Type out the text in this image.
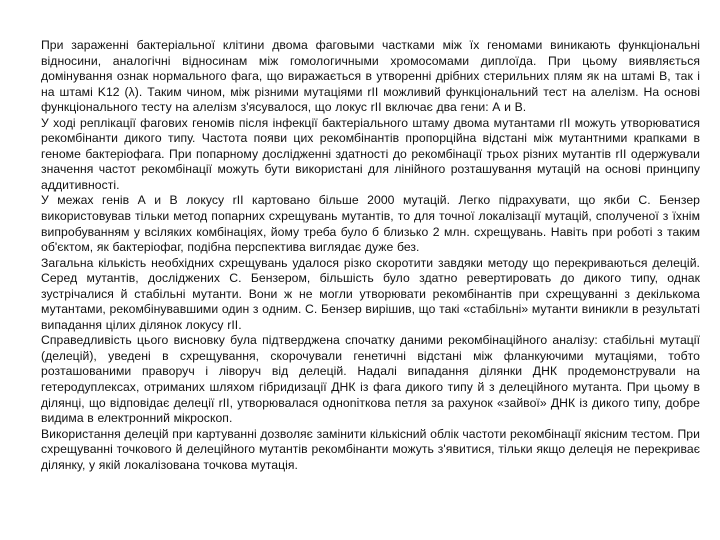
При зараженні бактеріальної клітини двома фаговыми частками між їх геномами виникають функціональні відносини, аналогічні відносинам між гомологичными хромосомами диплоїда. При цьому виявляється домінування ознак нормального фага, що виражається в утворенні дрібних стерильних плям як на штамі B, так і на штамі K12 (λ). Таким чином, між різними мутаціями rII можливий функціональний тест на алелізм. На основі функціонального тесту на алелізм з'ясувалося, що локус rII включає два гени: А и В.

У ході реплікації фагових геномів після інфекції бактеріального штаму двома мутантами rII можуть утворюватися рекомбінанти дикого типу. Частота появи цих рекомбінантів пропорційна відстані між мутантними крапками в геноме бактеріофага. При попарному дослідженні здатності до рекомбінації трьох різних мутантів rII одержували значення частот рекомбінації можуть бути використані для лінійного розташування мутацій на основі принципу аддитивності.

У межах генів А и В локусу rII картовано більше 2000 мутацій. Легко підрахувати, що якби С. Бензер використовував тільки метод попарних схрещувань мутантів, то для точної локалізації мутацій, сполученої з їхнім випробуванням у всіляких комбінаціях, йому треба було б близько 2 млн. схрещувань. Навіть при роботі з таким об'єктом, як бактеріофаг, подібна перспектива виглядає дуже без.

Загальна кількість необхідних схрещувань удалося різко скоротити завдяки методу що перекриваються делецій. Серед мутантів, досліджених С. Бензером, більшість було здатно ревертировать до дикого типу, однак зустрічалися й стабільні мутанти. Вони ж не могли утворювати рекомбінантів при схрещуванні з декількома мутантами, рекомбінувавшими один з одним. С. Бензер вирішив, що такі «стабільні» мутанти виникли в результаті випадання цілих ділянок локусу rII.

Справедливість цього висновку була підтверджена спочатку даними рекомбінаційного аналізу: стабільні мутації (делецій), уведені в схрещування, скорочували генетичні відстані між фланкуючими мутаціями, тобто розташованими праворуч і ліворуч від делецій. Надалі випадання ділянки ДНК продемонстрували на гетеродуплексах, отриманих шляхом гібридизації ДНК із фага дикого типу й з делеційного мутанта. При цьому в ділянці, що відповідає делеції rII, утворювалася одноniткова петля за рахунок «зайвої» ДНК із дикого типу, добре видима в електронний мікроскоп.

Використання делецій при картуванні дозволяє замінити кількісний облік частоти рекомбінації якісним тестом. При схрещуванні точкового й делеційного мутантів рекомбінанти можуть з'явитися, тільки якщо делеція не перекриває ділянку, у якій локалізована точкова мутація.
